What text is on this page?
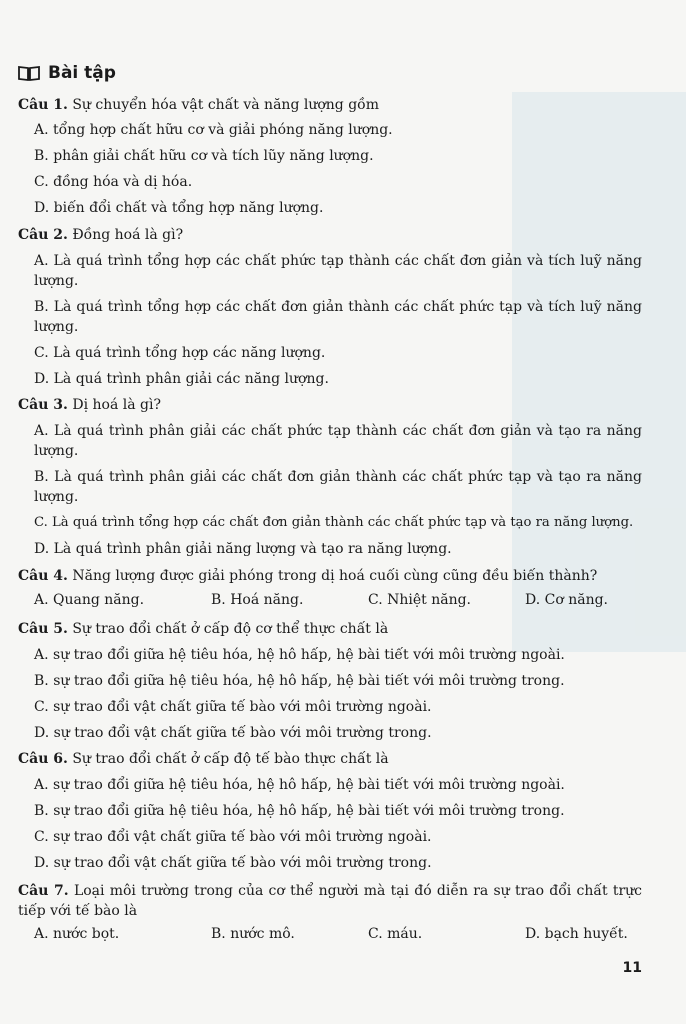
Bài tập
Câu 1. Sự chuyển hóa vật chất và năng lượng gồm
A. tổng hợp chất hữu cơ và giải phóng năng lượng.
B. phân giải chất hữu cơ và tích lũy năng lượng.
C. đồng hóa và dị hóa.
D. biến đổi chất và tổng hợp năng lượng.
Câu 2. Đồng hoá là gì?
A. Là quá trình tổng hợp các chất phức tạp thành các chất đơn giản và tích luỹ năng lượng.
B. Là quá trình tổng hợp các chất đơn giản thành các chất phức tạp và tích luỹ năng lượng.
C. Là quá trình tổng hợp các năng lượng.
D. Là quá trình phân giải các năng lượng.
Câu 3. Dị hoá là gì?
A. Là quá trình phân giải các chất phức tạp thành các chất đơn giản và tạo ra năng lượng.
B. Là quá trình phân giải các chất đơn giản thành các chất phức tạp và tạo ra năng lượng.
C. Là quá trình tổng hợp các chất đơn giản thành các chất phức tạp và tạo ra năng lượng.
D. Là quá trình phân giải năng lượng và tạo ra năng lượng.
Câu 4. Năng lượng được giải phóng trong dị hoá cuối cùng cũng đều biến thành?
A. Quang năng.	B. Hoá năng.	C. Nhiệt năng.	D. Cơ năng.
Câu 5. Sự trao đổi chất ở cấp độ cơ thể thực chất là
A. sự trao đổi giữa hệ tiêu hóa, hệ hô hấp, hệ bài tiết với môi trường ngoài.
B. sự trao đổi giữa hệ tiêu hóa, hệ hô hấp, hệ bài tiết với môi trường trong.
C. sự trao đổi vật chất giữa tế bào với môi trường ngoài.
D. sự trao đổi vật chất giữa tế bào với môi trường trong.
Câu 6. Sự trao đổi chất ở cấp độ tế bào thực chất là
A. sự trao đổi giữa hệ tiêu hóa, hệ hô hấp, hệ bài tiết với môi trường ngoài.
B. sự trao đổi giữa hệ tiêu hóa, hệ hô hấp, hệ bài tiết với môi trường trong.
C. sự trao đổi vật chất giữa tế bào với môi trường ngoài.
D. sự trao đổi vật chất giữa tế bào với môi trường trong.
Câu 7. Loại môi trường trong của cơ thể người mà tại đó diễn ra sự trao đổi chất trực tiếp với tế bào là
A. nước bọt.	B. nước mô.	C. máu.	D. bạch huyết.
11
